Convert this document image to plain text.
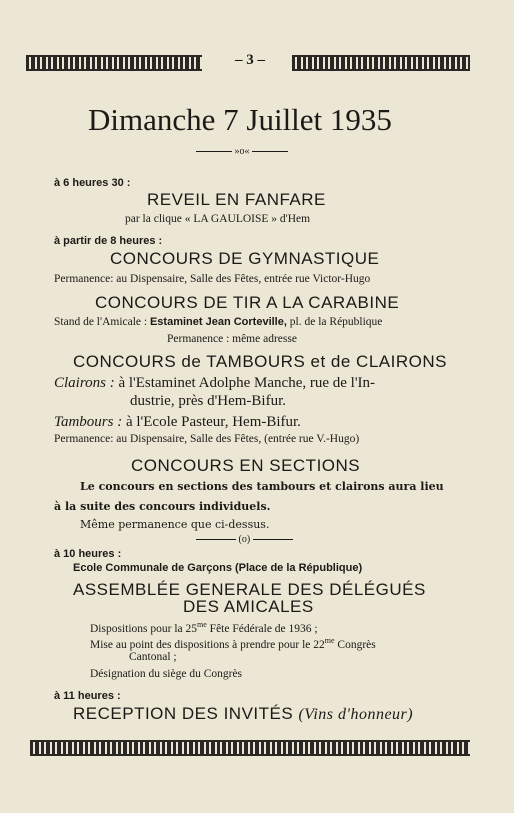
– 3 –
Dimanche 7 Juillet 1935
»o«
à 6 heures 30 :
REVEIL EN FANFARE
par la clique « LA GAULOISE » d'Hem
à partir de 8 heures :
CONCOURS DE GYMNASTIQUE
Permanence: au Dispensaire, Salle des Fêtes, entrée rue Victor-Hugo
CONCOURS DE TIR A LA CARABINE
Stand de l'Amicale : Estaminet Jean Corteville, pl. de la République
Permanence : même adresse
CONCOURS de TAMBOURS et de CLAIRONS
Clairons : à l'Estaminet Adolphe Manche, rue de l'In-
dustrie, près d'Hem-Bifur.
Tambours : à l'Ecole Pasteur, Hem-Bifur.
Permanence: au Dispensaire, Salle des Fêtes, (entrée rue V.-Hugo)
CONCOURS EN SECTIONS
Le concours en sections des tambours et clairons aura lieu
à la suite des concours individuels.
Même permanence que ci-dessus.
(o)
à 10 heures :
Ecole Communale de Garçons (Place de la République)
ASSEMBLÉE GENERALE DES DÉLÉGUÉS
DES AMICALES
Dispositions pour la $25^{me}$ Fête Fédérale de 1936 ;
Mise au point des dispositions à prendre pour le $22^{me}$ Congrès
Cantonal ;
Désignation du siège du Congrès
à 11 heures :
RECEPTION DES INVITÉS (Vins d'honneur)
